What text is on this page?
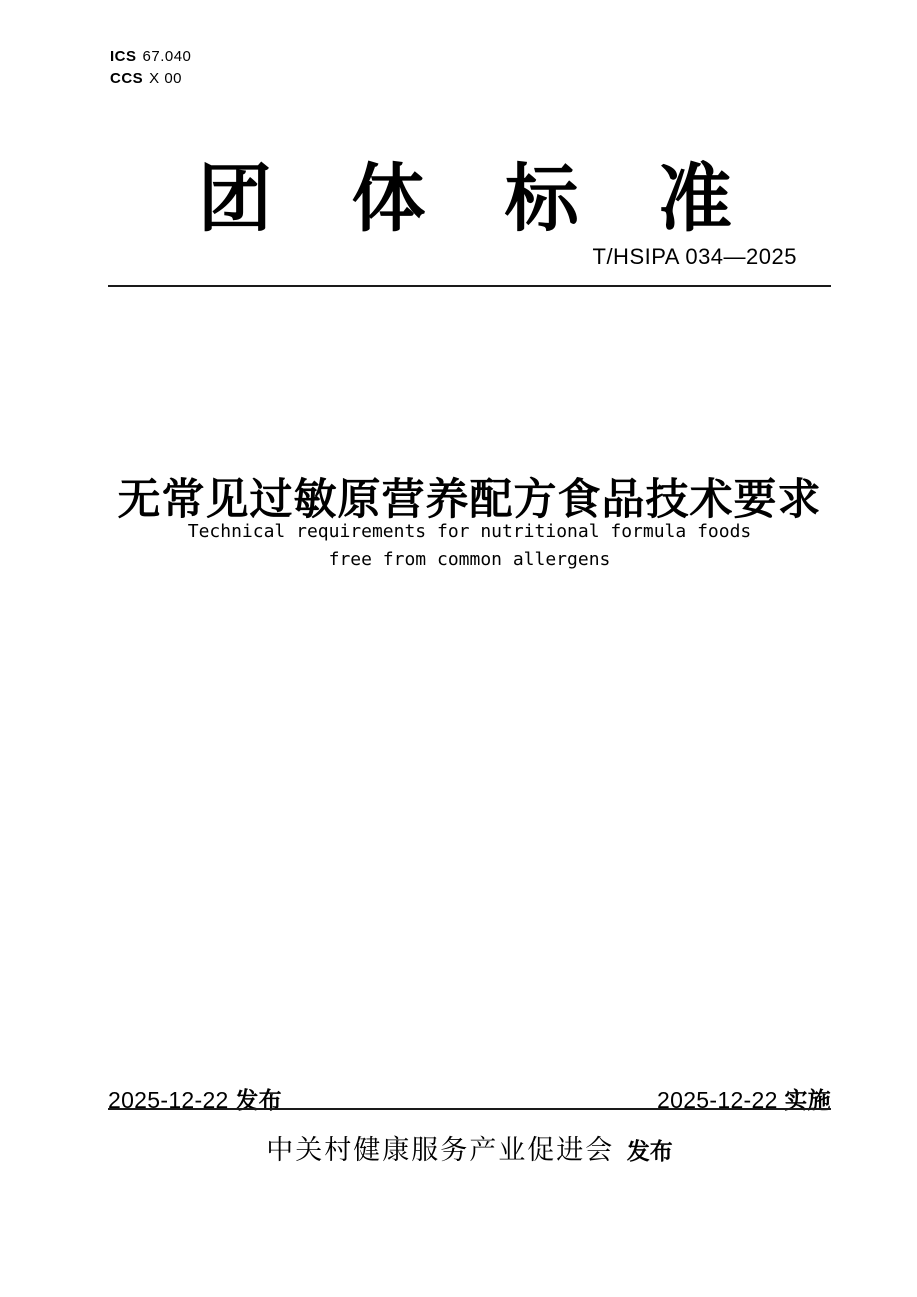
ICS 67.040
CCS X 00
团 体 标 准
T/HSIPA 034—2025
无常见过敏原营养配方食品技术要求
Technical requirements for nutritional formula foods
free from common allergens
2025-12-22 发布	2025-12-22 实施
中关村健康服务产业促进会 发布
